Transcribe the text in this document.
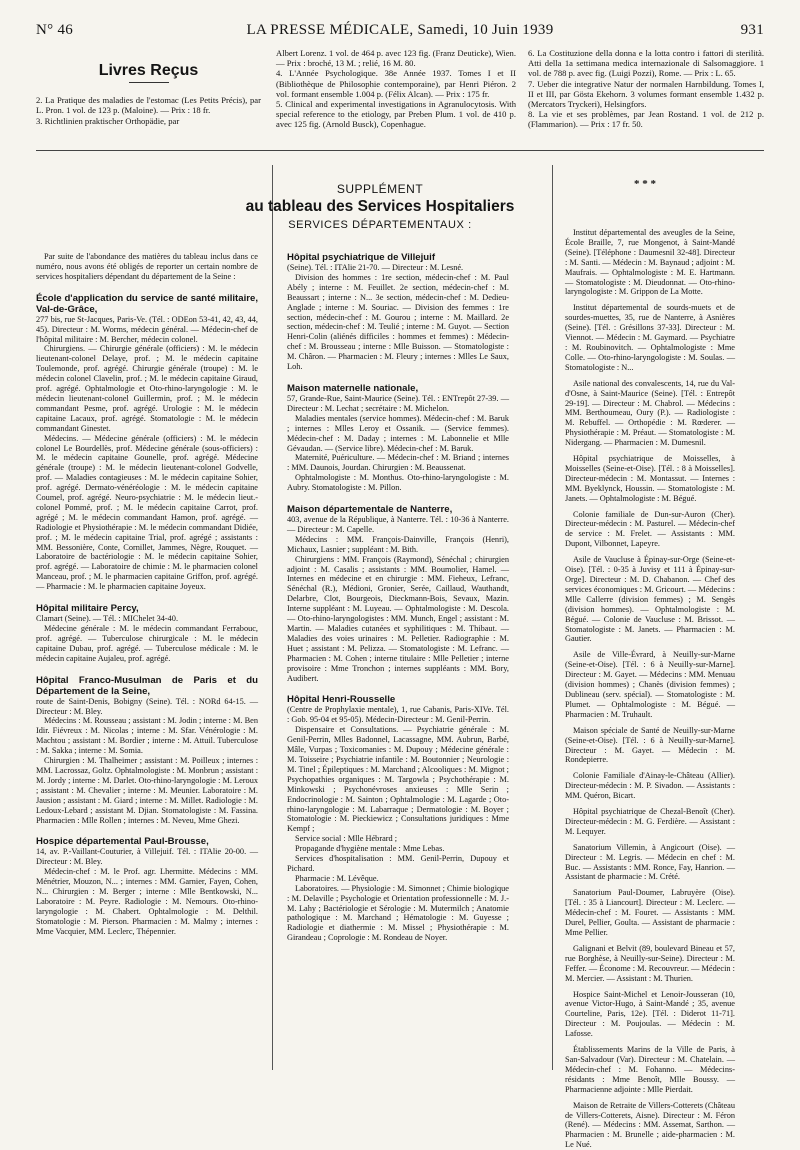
N° 46	LA PRESSE MÉDICALE, Samedi, 10 Juin 1939	931
Livres Reçus
2. La Pratique des maladies de l'estomac (Les Petits Précis), par L. Pron. 1 vol. de 123 p. (Maloine). — Prix : 18 fr.
3. Richtlinien praktischer Orthopädie, par
Albert Lorenz. 1 vol. de 464 p. avec 123 fig. (Franz Deuticke), Wien. — Prix : broché, 13 M. ; relié, 16 M. 80.
4. L'Année Psychologique. 38e Année 1937. Tomes I et II (Bibliothèque de Philosophie contemporaine), par Henri Piéron. 2 vol. formant ensemble 1.004 p. (Félix Alcan). — Prix : 175 fr.
5. Clinical and experimental investigations in Agranulocytosis. With special reference to the etiology, par Preben Plum. 1 vol. de 410 p. avec 125 fig. (Arnold Busck), Copenhague.
6. La Costituzione della donna e la lotta contro i fattori di sterilità. Atti della 1a settimana medica internazionale di Salsomaggiore. 1 vol. de 788 p. avec fig. (Luigi Pozzi), Rome. — Prix : L. 65.
7. Ueber die integrative Natur der normalen Harnbildung. Tomes I, II et III, par Gösta Ekehorn. 3 volumes formant ensemble 1.432 p. (Mercators Tryckeri), Helsingfors.
8. La vie et ses problèmes, par Jean Rostand. 1 vol. de 212 p. (Flammarion). — Prix : 17 fr. 50.
SUPPLÉMENT
au tableau des Services Hospitaliers
SERVICES DÉPARTEMENTAUX :
* * *

Par suite de l'abondance des matières du tableau inclus dans ce numéro, nous avons été obligés de reporter un certain nombre de services hospitaliers dépendant du département de la Seine :

École d'application du service de santé militaire, Val-de-Grâce,

277 bis, rue St-Jacques, Paris-Ve. (Tél. : ODEon 53-41, 42, 43, 44, 45). Directeur : M. Worms, médecin général. — Médecin-chef de l'hôpital militaire : M. Bercher, médecin colonel.

Chirurgiens. — Chirurgie générale (officiers) : M. le médecin lieutenant-colonel Delaye, prof. ; M. le médecin capitaine Toulemonde, prof. agrégé. Chirurgie générale (troupe) : M. le médecin colonel Clavelin, prof. ; M. le médecin capitaine Giraud, prof. agrégé. Ophtalmologie et Oto-rhino-laryngologie : M. le médecin lieutenant-colonel Guillermin, prof. ; M. le médecin commandant Pesme, prof. agrégé. Urologie : M. le médecin capitaine Lacaux, prof. agrégé. Stomatologie : M. le médecin commandant Ginestet.

Médecins. — Médecine générale (officiers) : M. le médecin colonel Le Bourdellès, prof. Médecine générale (sous-officiers) : M. le médecin capitaine Gounelle, prof. agrégé. Médecine générale (troupe) : M. le médecin lieutenant-colonel Godvelle, prof. — Maladies contagieuses : M. le médecin capitaine Sohier, prof. agrégé. Dermato-vénéréologie : M. le médecin capitaine Coumel, prof. agrégé. Neuro-psychiatrie : M. le médecin lieut.-colonel Pommé, prof. ; M. le médecin capitaine Carrot, prof. agrégé ; M. le médecin commandant Hamon, prof. agrégé. — Radiologie et Physiothérapie : M. le médecin commandant Didiée, prof. ; M. le médecin capitaine Trial, prof. agrégé ; assistants : MM. Bessonière, Conte, Cornillet, Jammes, Nègre, Rouquet. — Laboratoire de bactériologie : M. le médecin capitaine Sohier, prof. agrégé. — Laboratoire de chimie : M. le pharmacien colonel Manceau, prof. ; M. le pharmacien capitaine Griffon, prof. agrégé. — Pharmacie : M. le pharmacien capitaine Joyeux.

Hôpital militaire Percy,

Clamart (Seine). — Tél. : MIChelet 34-40.

Médecine générale : M. le médecin commandant Ferrabouc, prof. agrégé. — Tuberculose chirurgicale : M. le médecin capitaine Dubau, prof. agrégé. — Tuberculose médicale : M. le médecin capitaine Aujaleu, prof. agrégé.

Hôpital Franco-Musulman de Paris et du Département de la Seine,

route de Saint-Denis, Bobigny (Seine). Tél. : NORd 64-15. — Directeur : M. Bley.

Médecins : M. Rousseau ; assistant : M. Jodin ; interne : M. Ben Idir. Fiévreux : M. Nicolas ; interne : M. Sfar. Vénérologie : M. Machtou ; assistant : M. Bordier ; interne : M. Attuil. Tuberculose : M. Sakka ; interne : M. Somia.

Chirurgien : M. Thalheimer ; assistant : M. Poilleux ; internes : MM. Lacrossaz, Goltz. Ophtalmologiste : M. Monbrun ; assistant : M. Jordy ; interne : M. Darlet. Oto-rhino-laryngologie : M. Leroux ; assistant : M. Chevalier ; interne : M. Meunier. Laboratoire : M. Jausion ; assistant : M. Giard ; interne : M. Millet. Radiologie : M. Ledoux-Lebard ; assistant M. Djian. Stomatologiste : M. Fassina. Pharmacien : Mlle Rollen ; internes : M. Neveu, Mme Ghezi.

Hospice départemental Paul-Brousse,

14, av. P.-Vaillant-Couturier, à Villejuif. Tél. : ITAlie 20-00. — Directeur : M. Bley.

Médecin-chef : M. le Prof. agr. Lhermitte. Médecins : MM. Ménétrier, Mouzon, N... ; internes : MM. Garnier, Fayen, Cohen, N... Chirurgien : M. Berger ; interne : Mlle Bentkowski, N... Laboratoire : M. Peyre. Radiologie : M. Nemours. Oto-rhino-laryngologie : M. Chabert. Ophtalmologie : M. Delthil. Stomatologie : M. Pierson. Pharmacien : M. Malmy ; internes : Mme Vacquier, MM. Leclerc, Thépennier.

Hôpital psychiatrique de Villejuif

(Seine). Tél. : ITAlie 21-70. — Directeur : M. Lesné.

Division des hommes : 1re section, médecin-chef : M. Paul Abély ; interne : M. Feuillet. 2e section, médecin-chef : M. Beaussart ; interne : N... 3e section, médecin-chef : M. Dedieu-Anglade ; interne : M. Souriac. — Division des femmes : 1re section, médecin-chef : M. Gourou ; interne : M. Maillard. 2e section, médecin-chef : M. Teulié ; interne : M. Guyot. — Section Henri-Colin (aliénés difficiles : hommes et femmes) : Médecin-chef : M. Brousseau ; interne : Mlle Buisson. — Stomatologiste : M. Châron. — Pharmacien : M. Fleury ; internes : Mlles Le Saux, Loh.

Maison maternelle nationale,

57, Grande-Rue, Saint-Maurice (Seine). Tél. : ENTrepôt 27-39. — Directeur : M. Lechat ; secrétaire : M. Michelon.

Maladies mentales (service hommes). Médecin-chef : M. Baruk ; internes : Mlles Leroy et Ossanik. — (Service femmes). Médecin-chef : M. Daday ; internes : M. Labonnelie et Mlle Gévaudan. — (Service libre). Médecin-chef : M. Baruk.

Maternité, Puériculture. — Médecin-chef : M. Briand ; internes : MM. Daunois, Jourdan. Chirurgien : M. Beaussenat.

Ophtalmologiste : M. Monthus. Oto-rhino-laryngologiste : M. Aubry. Stomatologiste : M. Pillon.

Maison départementale de Nanterre,

403, avenue de la République, à Nanterre. Tél. : 10-36 à Nanterre. — Directeur : M. Capelle.

Médecins : MM. François-Dainville, François (Henri), Michaux, Lasnier ; suppléant : M. Bith.

Chirurgiens : MM. François (Raymond), Sénéchal ; chirurgien adjoint : M. Casalis ; assistants : MM. Boumolier, Hamel. — Internes en médecine et en chirurgie : MM. Fieheux, Lefranc, Sénéchal (R.), Médioni, Gronier, Serée, Caillaud, Wauthandt, Delarbre, Clot, Bourgeois, Dieckmann-Bois, Sevaux, Mazin. Interne suppléant : M. Luyeau. — Ophtalmologiste : M. Descola. — Oto-rhino-laryngologistes : MM. Munch, Engel ; assistant : M. Martin. — Maladies cutanées et syphilitiques : M. Thibaut. — Maladies des voies urinaires : M. Pelletier. Radiographie : M. Huet ; assistant : M. Pelizza. — Stomatologiste : M. Lefranc. — Pharmacien : M. Cohen ; interne titulaire : Mlle Pelletier ; interne provisoire : Mme Tronchon ; internes suppléants : MM. Bory, Audibert.

Hôpital Henri-Rousselle

(Centre de Prophylaxie mentale), 1, rue Cabanis, Paris-XIVe. Tél. : Gob. 95-04 et 95-05). Médecin-Directeur : M. Genil-Perrin.

Dispensaire et Consultations. — Psychiatrie générale : M. Genil-Perrin, Mlles Badonnel, Lacassagne, MM. Aubrun, Barbé, Mâle, Vurpas ; Toxicomanies : M. Dupouy ; Médecine générale : M. Toisseire ; Psychiatrie infantile : M. Boutonnier ; Neurologie : M. Tinel ; Épileptiques : M. Marchand ; Alcooliques : M. Mignot ; Psychopathies organiques : M. Targowla ; Psychothérapie : M. Minkowski ; Psychonévroses anxieuses : Mlle Serin ; Endocrinologie : M. Sainton ; Ophtalmologie : M. Lagarde ; Oto-rhino-laryngologie : M. Labarraque ; Dermatologie : M. Boyer ; Stomatologie : M. Pieckiewicz ; Consultations juridiques : Mme Kempf ;

Service social : Mlle Hébrard ;

Propagande d'hygiène mentale : Mme Lebas.

Services d'hospitalisation : MM. Genil-Perrin, Dupouy et Pichard.

Pharmacie : M. Lévêque.

Laboratoires. — Physiologie : M. Simonnet ; Chimie biologique : M. Delaville ; Psychologie et Orientation professionnelle : M. J.-M. Lahy ; Bactériologie et Sérologie : M. Mutermilch ; Anatomie pathologique : M. Marchand ; Hématologie : M. Guyesse ; Radiologie et diathermie : M. Missel ; Physiothérapie : M. Girandeau ; Coprologie : M. Rondeau de Noyer.

Institut départemental des aveugles de la Seine, École Braille, 7, rue Mongenot, à Saint-Mandé (Seine). [Téléphone : Daumesnil 32-48]. Directeur : M. Santi. — Médecin : M. Baynaud ; adjoint : M. Maufrais. — Ophtalmologiste : M. E. Hartmann. — Stomatologiste : M. Dieudonnat. — Oto-rhino-laryngologiste : M. Grippon de La Motte.

Institut départemental de sourds-muets et de sourdes-muettes, 35, rue de Nanterre, à Asnières (Seine). [Tél. : Grésillons 37-33]. Directeur : M. Viennot. — Médecin : M. Gaymard. — Psychiatre : M. Roubinovitch. — Ophtalmologiste : Mme Colle. — Oto-rhino-laryngologiste : M. Soulas. — Stomatologiste : N...

Asile national des convalescents, 14, rue du Val-d'Osne, à Saint-Maurice (Seine). [Tél. : Entrepôt 29-19]. — Directeur : M. Chabrol. — Médecins : MM. Berthoumeau, Oury (P.). — Radiologiste : M. Rebuffel. — Orthopédie : M. Rœderer. — Physiothérapie : M. Préaut. — Stomatologiste : M. Nidergang. — Pharmacien : M. Dumesnil.

Hôpital psychiatrique de Moisselles, à Moisselles (Seine-et-Oise). [Tél. : 8 à Moisselles]. Directeur-médecin : M. Montassut. — Internes : MM. Byeklynck, Houssin. — Stomatologiste : M. Janets. — Ophtalmologiste : M. Bégué.

Colonie familiale de Dun-sur-Auron (Cher). Directeur-médecin : M. Pasturel. — Médecin-chef de service : M. Frelet. — Assistants : MM. Dupont, Vilbonnet, Lapeyre.

Asile de Vaucluse à Épinay-sur-Orge (Seine-et-Oise). [Tél. : 0-35 à Juvisy et 111 à Épinay-sur-Orge]. Directeur : M. D. Chabanon. — Chef des services économiques : M. Gricourt. — Médecins : Mlle Callerre (division femmes) ; M. Sengès (division hommes). — Ophtalmologiste : M. Bégué. — Colonie de Vaucluse : M. Brissot. — Stomatologiste : M. Janets. — Pharmacien : M. Gautier.

Asile de Ville-Évrard, à Neuilly-sur-Marne (Seine-et-Oise). [Tél. : 6 à Neuilly-sur-Marne]. Directeur : M. Gayet. — Médecins : MM. Menuau (division hommes) ; Chanès (division femmes) ; Dublineau (serv. spécial). — Stomatologiste : M. Plumet. — Ophtalmologiste : M. Bégué. — Pharmacien : M. Truhault.

Maison spéciale de Santé de Neuilly-sur-Marne (Seine-et-Oise). [Tél. : 6 à Neuilly-sur-Marne]. Directeur : M. Gayet. — Médecin : M. Rondepierre.

Colonie Familiale d'Ainay-le-Château (Allier). Directeur-médecin : M. P. Sivadon. — Assistants : MM. Quéron, Bicart.

Hôpital psychiatrique de Chezal-Benoît (Cher). Directeur-médecin : M. G. Ferdière. — Assistant : M. Lequyer.

Sanatorium Villemin, à Angicourt (Oise). — Directeur : M. Legris. — Médecin en chef : M. Buc. — Assistants : MM. Ronce, Fay, Hanrion. — Assistant de pharmacie : M. Crété.

Sanatorium Paul-Doumer, Labruyère (Oise). [Tél. : 35 à Liancourt]. Directeur : M. Leclerc. — Médecin-chef : M. Fouret. — Assistants : MM. Durel, Pellier, Goulta. — Assistant de pharmacie : Mme Pellier.

Galignani et Belvit (89, boulevard Bineau et 57, rue Borghèse, à Neuilly-sur-Seine). Directeur : M. Feffer. — Économe : M. Recouvreur. — Médecin : M. Mercier. — Assistant : M. Thurien.

Hospice Saint-Michel et Lenoir-Jousseran (10, avenue Victor-Hugo, à Saint-Mandé ; 35, avenue Courteline, Paris, 12e). [Tél. : Diderot 11-71]. Directeur : M. Poujoulas. — Médecin : M. Lafosse.

Établissements Marins de la Ville de Paris, à San-Salvadour (Var). Directeur : M. Chatelain. — Médecin-chef : M. Fohanno. — Médecins-résidants : Mme Benoît, Mlle Boussy. — Pharmacienne adjointe : Mlle Pierdait.

Maison de Retraite de Villers-Cotterets (Château de Villers-Cotterets, Aisne). Directeur : M. Féron (René). — Médecins : MM. Assemat, Sarthon. — Pharmacien : M. Brunelle ; aide-pharmacien : M. Le Nué.
